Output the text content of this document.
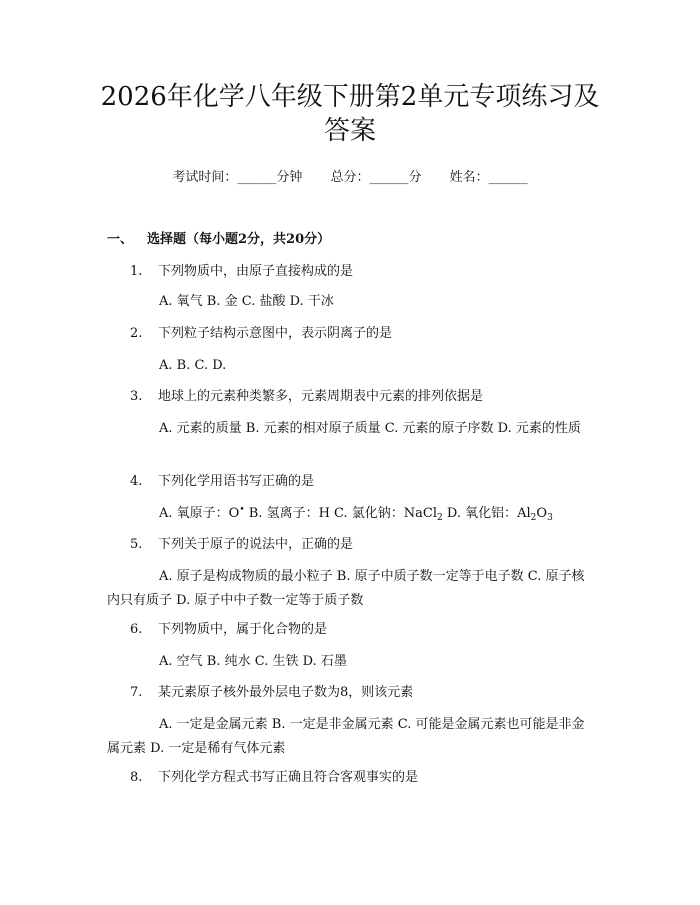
2026年化学八年级下册第2单元专项练习及答案
考试时间：______分钟 总分：______分 姓名：______
一、 选择题（每小题2分，共20分）
1. 下列物质中，由原子直接构成的是
A. 氧气 B. 金 C. 盐酸 D. 干冰
2. 下列粒子结构示意图中，表示阴离子的是
A. B. C. D.
3. 地球上的元素种类繁多，元素周期表中元素的排列依据是
A. 元素的质量 B. 元素的相对原子质量 C. 元素的原子序数 D. 元素的性质
4. 下列化学用语书写正确的是
A. 氧原子：O• B. 氢离子：H C. 氯化钠：NaCl$_2$ D. 氧化铝：$Al_2O_3$
5. 下列关于原子的说法中，正确的是
A. 原子是构成物质的最小粒子 B. 原子中质子数一定等于电子数 C. 原子核内只有质子 D. 原子中中子数一定等于质子数
6. 下列物质中，属于化合物的是
A. 空气 B. 纯水 C. 生铁 D. 石墨
7. 某元素原子核外最外层电子数为8，则该元素
A. 一定是金属元素 B. 一定是非金属元素 C. 可能是金属元素也可能是非金属元素 D. 一定是稀有气体元素
8. 下列化学方程式书写正确且符合客观事实的是
